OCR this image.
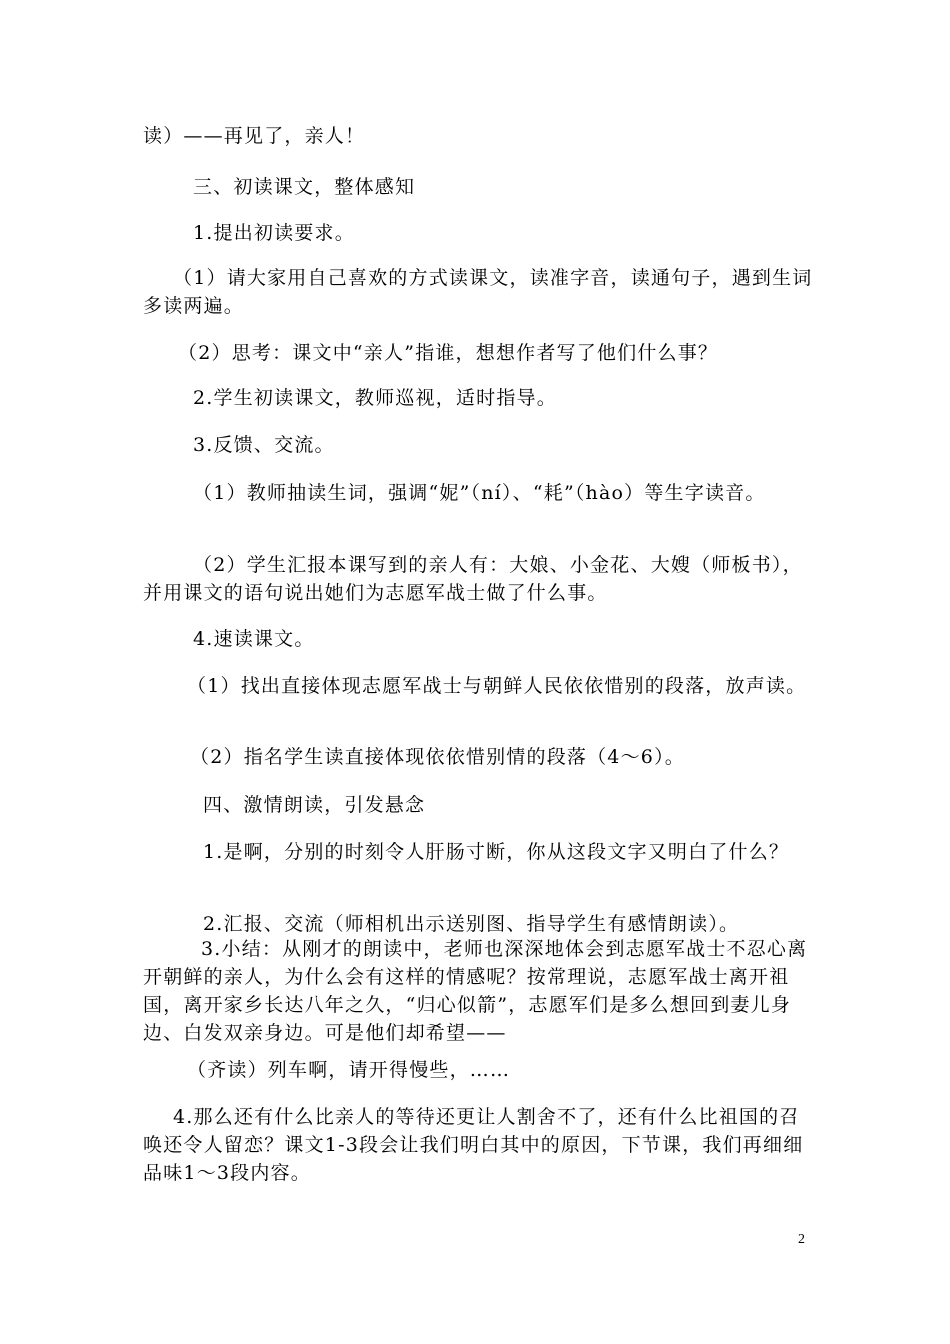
读）——再见了，亲人！

三、初读课文，整体感知

1.提出初读要求。

（1）请大家用自己喜欢的方式读课文，读准字音，读通句子，遇到生词多读两遍。

（2）思考：课文中“亲人”指谁，想想作者写了他们什么事？

2.学生初读课文，教师巡视，适时指导。

3.反馈、交流。

（1）教师抽读生词，强调“妮”（ní）、“耗”（hào）等生字读音。

（2）学生汇报本课写到的亲人有：大娘、小金花、大嫂（师板书），并用课文的语句说出她们为志愿军战士做了什么事。

4.速读课文。

（1）找出直接体现志愿军战士与朝鲜人民依依惜别的段落，放声读。

（2）指名学生读直接体现依依惜别情的段落（4～6）。

四、激情朗读，引发悬念

1.是啊，分别的时刻令人肝肠寸断，你从这段文字又明白了什么？

2.汇报、交流（师相机出示送别图、指导学生有感情朗读）。

3.小结：从刚才的朗读中，老师也深深地体会到志愿军战士不忍心离开朝鲜的亲人，为什么会有这样的情感呢？按常理说，志愿军战士离开祖国，离开家乡长达八年之久，“归心似箭”，志愿军们是多么想回到妻儿身边、白发双亲身边。可是他们却希望——

（齐读）列车啊，请开得慢些，……

4.那么还有什么比亲人的等待还更让人割舍不了，还有什么比祖国的召唤还令人留恋？课文1-3段会让我们明白其中的原因，下节课，我们再细细品味1～3段内容。

2
